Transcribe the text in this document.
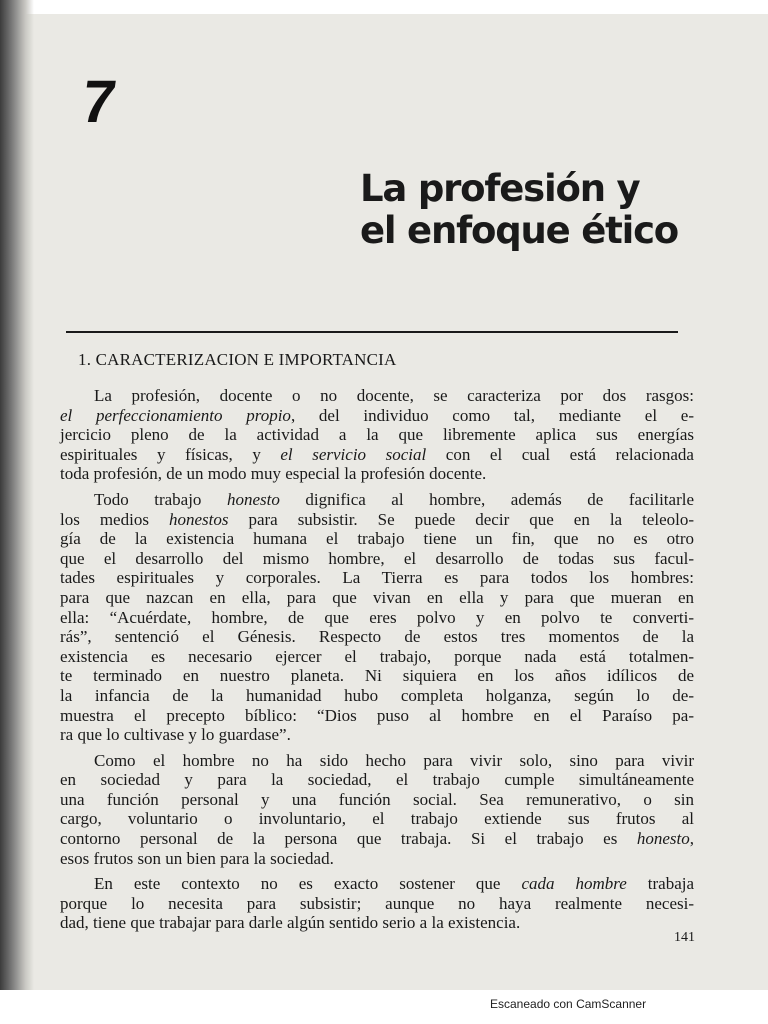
7
La profesión y
el enfoque ético
1. CARACTERIZACION E IMPORTANCIA
La profesión, docente o no docente, se caracteriza por dos rasgos:
el perfeccionamiento propio, del individuo como tal, mediante el e-
jercicio pleno de la actividad a la que libremente aplica sus energías
espirituales y físicas, y el servicio social con el cual está relacionada
toda profesión, de un modo muy especial la profesión docente.
Todo trabajo honesto dignifica al hombre, además de facilitarle
los medios honestos para subsistir. Se puede decir que en la teleolo-
gía de la existencia humana el trabajo tiene un fin, que no es otro
que el desarrollo del mismo hombre, el desarrollo de todas sus facul-
tades espirituales y corporales. La Tierra es para todos los hombres:
para que nazcan en ella, para que vivan en ella y para que mueran en
ella: “Acuérdate, hombre, de que eres polvo y en polvo te converti-
rás”, sentenció el Génesis. Respecto de estos tres momentos de la
existencia es necesario ejercer el trabajo, porque nada está totalmen-
te terminado en nuestro planeta. Ni siquiera en los años idílicos de
la infancia de la humanidad hubo completa holganza, según lo de-
muestra el precepto bíblico: “Dios puso al hombre en el Paraíso pa-
ra que lo cultivase y lo guardase”.
Como el hombre no ha sido hecho para vivir solo, sino para vivir
en sociedad y para la sociedad, el trabajo cumple simultáneamente
una función personal y una función social. Sea remunerativo, o sin
cargo, voluntario o involuntario, el trabajo extiende sus frutos al
contorno personal de la persona que trabaja. Si el trabajo es honesto,
esos frutos son un bien para la sociedad.
En este contexto no es exacto sostener que cada hombre trabaja
porque lo necesita para subsistir; aunque no haya realmente necesi-
dad, tiene que trabajar para darle algún sentido serio a la existencia.
141
Escaneado con CamScanner
